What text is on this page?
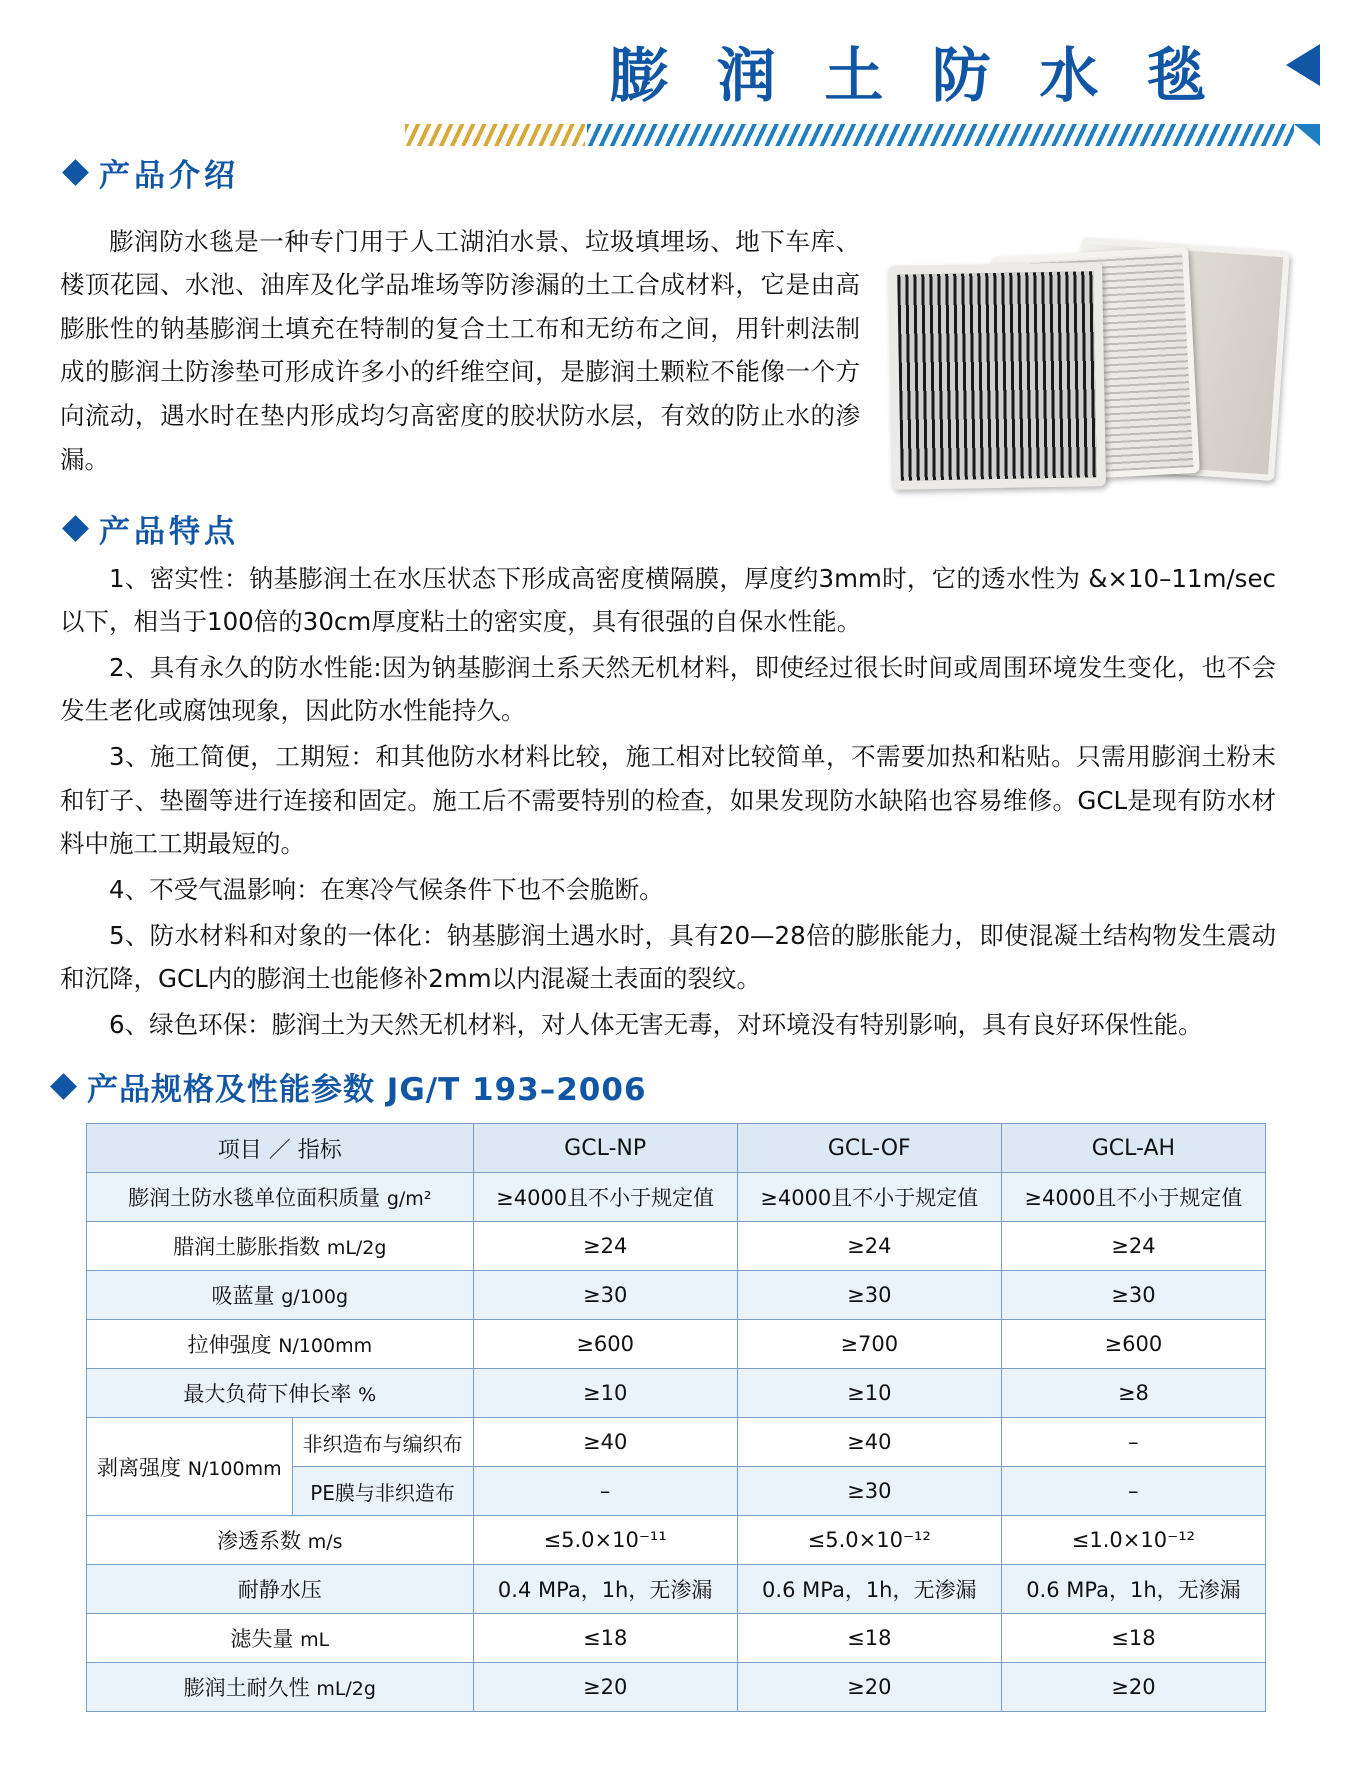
膨 润 土 防 水 毯
产品介绍

膨润防水毯是一种专门用于人工湖泊水景、垃圾填埋场、地下车库、楼顶花园、水池、油库及化学品堆场等防渗漏的土工合成材料，它是由高膨胀性的钠基膨润土填充在特制的复合土工布和无纺布之间，用针刺法制成的膨润土防渗垫可形成许多小的纤维空间，是膨润土颗粒不能像一个方向流动，遇水时在垫内形成均匀高密度的胶状防水层，有效的防止水的渗漏。

产品特点
1、密实性：钠基膨润土在水压状态下形成高密度横隔膜，厚度约3mm时，它的透水性为 &×10–11m/sec以下，相当于100倍的30cm厚度粘土的密实度，具有很强的自保水性能。
2、具有永久的防水性能:因为钠基膨润土系天然无机材料，即使经过很长时间或周围环境发生变化，也不会发生老化或腐蚀现象，因此防水性能持久。
3、施工简便，工期短：和其他防水材料比较，施工相对比较简单，不需要加热和粘贴。只需用膨润土粉末和钉子、垫圈等进行连接和固定。施工后不需要特别的检查，如果发现防水缺陷也容易维修。GCL是现有防水材料中施工工期最短的。
4、不受气温影响：在寒冷气候条件下也不会脆断。
5、防水材料和对象的一体化：钠基膨润土遇水时，具有20—28倍的膨胀能力，即使混凝土结构物发生震动和沉降，GCL内的膨润土也能修补2mm以内混凝土表面的裂纹。
6、绿色环保：膨润土为天然无机材料，对人体无害无毒，对环境没有特别影响，具有良好环保性能。
产品规格及性能参数 JG/T 193–2006
项目 ／ 指标		GCL-NP	GCL-OF	GCL-AH
膨润土防水毯单位面积质量 g/m²		≥4000且不小于规定值	≥4000且不小于规定值	≥4000且不小于规定值
腊润土膨胀指数 mL/2g		≥24	≥24	≥24
吸蓝量 g/100g		≥30	≥30	≥30
拉伸强度 N/100mm		≥600	≥700	≥600
最大负荷下伸长率 %		≥10	≥10	≥8
剥离强度 N/100mm	非织造布与编织布	≥40	≥40	–
	PE膜与非织造布	–	≥30	–
渗透系数 m/s		≤5.0×10⁻¹¹	≤5.0×10⁻¹²	≤1.0×10⁻¹²
耐静水压		0.4 MPa，1h，无渗漏	0.6 MPa，1h，无渗漏	0.6 MPa，1h，无渗漏
滤失量 mL		≤18	≤18	≤18
膨润土耐久性 mL/2g		≥20	≥20	≥20
